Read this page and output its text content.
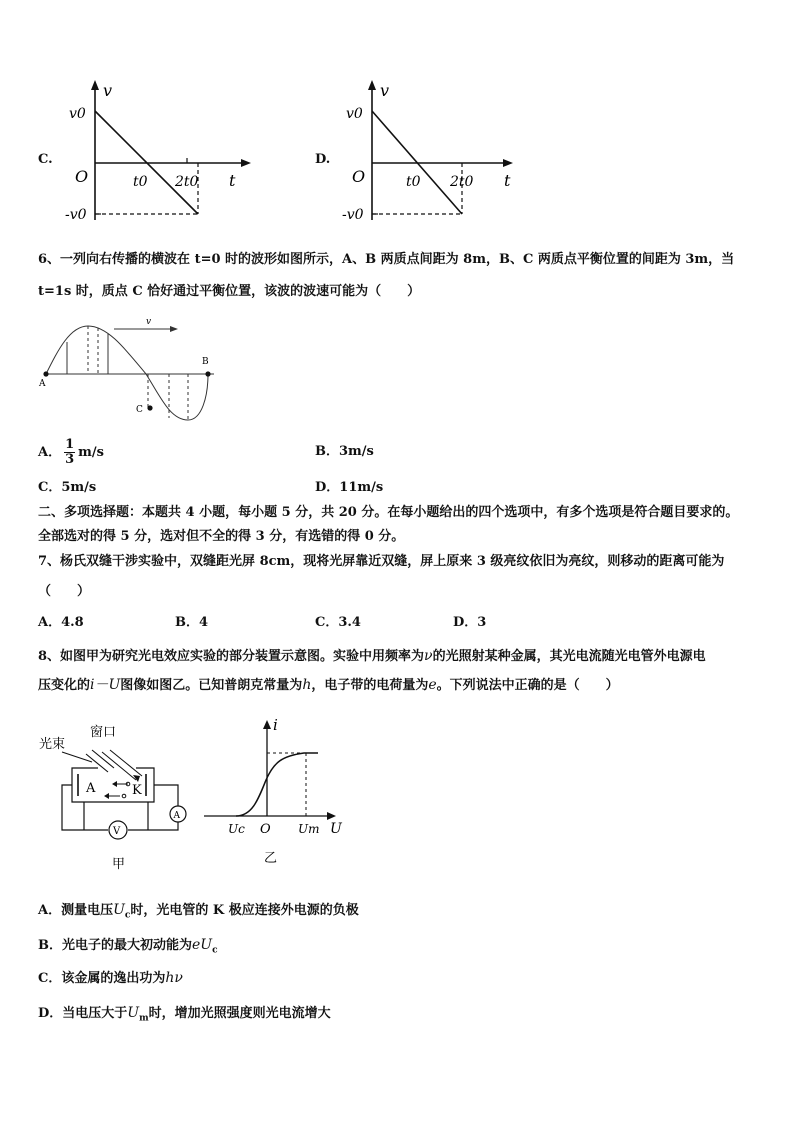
C.
v
t
v0
-v0
O	t0 2t0
D.
v
t
v0
-v0
O	t0 2t0
6、一列向右传播的横波在 t=0 时的波形如图所示，A、B 两质点间距为 8m，B、C 两质点平衡位置的间距为 3m，当
t=1s 时，质点 C 恰好通过平衡位置，该波的波速可能为（　　）
v
A
B
C
A． $\frac{1}{3} m/s$	B．3m/s
C．5m/s	D．11m/s
二、多项选择题：本题共 4 小题，每小题 5 分，共 20 分。在每小题给出的四个选项中，有多个选项是符合题目要求的。
全部选对的得 5 分，选对但不全的得 3 分，有选错的得 0 分。
7、杨氏双缝干涉实验中，双缝距光屏 8cm，现将光屏靠近双缝，屏上原来 3 级亮纹依旧为亮纹，则移动的距离可能为
（　　）
A．4.8	B．4	C．3.4	D．3
8、如图甲为研究光电效应实验的部分装置示意图。实验中用频率为ν的光照射某种金属，其光电流随光电管外电源电
压变化的i－U图像如图乙。已知普朗克常量为h，电子带的电荷量为e。下列说法中正确的是（　　）
光束
窗口
A	K
V
A
甲
i
U
Uc O Um
乙
A．测量电压$U_c$时，光电管的 K 极应连接外电源的负极
B．光电子的最大初动能为$eU_c$
C．该金属的逸出功为hν
D．当电压大于$U_m$时，增加光照强度则光电流增大
